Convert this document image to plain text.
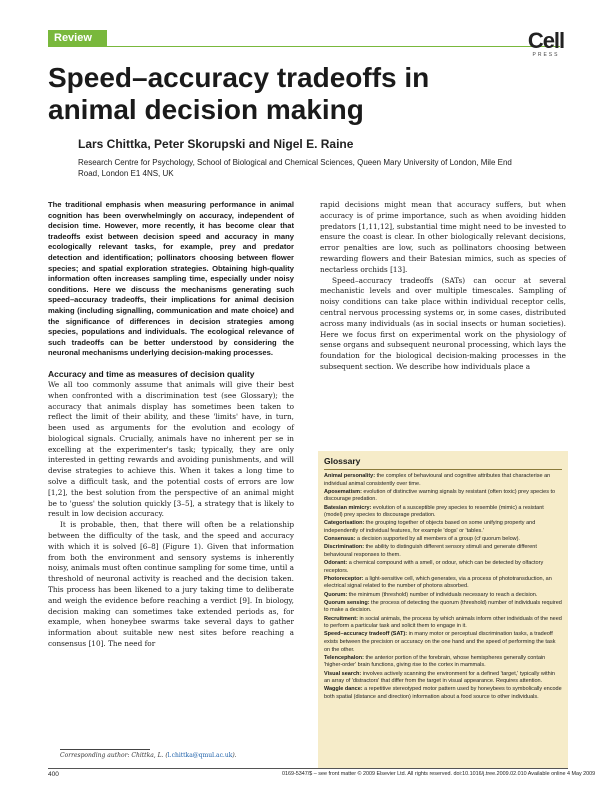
Review	Cell
PRESS
Speed–accuracy tradeoffs in animal decision making
Lars Chittka, Peter Skorupski and Nigel E. Raine
Research Centre for Psychology, School of Biological and Chemical Sciences, Queen Mary University of London, Mile End Road, London E1 4NS, UK
The traditional emphasis when measuring performance in animal cognition has been overwhelmingly on accuracy, independent of decision time. However, more recently, it has become clear that tradeoffs exist between decision speed and accuracy in many ecologically relevant tasks, for example, prey and predator detection and identification; pollinators choosing between flower species; and spatial exploration strategies. Obtaining high-quality information often increases sampling time, especially under noisy conditions. Here we discuss the mechanisms generating such speed–accuracy tradeoffs, their implications for animal decision making (including signalling, communication and mate choice) and the significance of differences in decision strategies among species, populations and individuals. The ecological relevance of such tradeoffs can be better understood by considering the neuronal mechanisms underlying decision-making processes.
Accuracy and time as measures of decision quality

We all too commonly assume that animals will give their best when confronted with a discrimination test (see Glossary); the accuracy that animals display has sometimes been taken to reflect the limit of their ability, and these 'limits' have, in turn, been used as arguments for the evolution and ecology of biological signals. Crucially, animals have no inherent per se in excelling at the experimenter's task; typically, they are only interested in getting rewards and avoiding punishments, and will devise strategies to achieve this. When it takes a long time to solve a difficult task, and the potential costs of errors are low [1,2], the best solution from the perspective of an animal might be to 'guess' the solution quickly [3–5], a strategy that is likely to result in low decision accuracy.

It is probable, then, that there will often be a relationship between the difficulty of the task, and the speed and accuracy with which it is solved [6–8] (Figure 1). Given that information from both the environment and sensory systems is inherently noisy, animals must often continue sampling for some time, until a threshold of neuronal activity is reached and the decision taken. This process has been likened to a jury taking time to deliberate and weigh the evidence before reaching a verdict [9]. In biology, decision making can sometimes take extended periods as, for example, when honeybee swarms take several days to gather information about suitable new nest sites before reaching a consensus [10]. The need for

rapid decisions might mean that accuracy suffers, but when accuracy is of prime importance, such as when avoiding hidden predators [1,11,12], substantial time might need to be invested to ensure the coast is clear. In other biologically relevant decisions, error penalties are low, such as pollinators choosing between rewarding flowers and their Batesian mimics, such as species of nectarless orchids [13].

Speed–accuracy tradeoffs (SATs) can occur at several mechanistic levels and over multiple timescales. Sampling of noisy conditions can take place within individual receptor cells, central nervous processing systems or, in some cases, distributed across many individuals (as in social insects or human societies). Here we focus first on experimental work on the physiology of sense organs and subsequent neuronal processing, which lays the foundation for the biological decision-making processes in the subsequent section. We describe how individuals place a

Glossary
Animal personality: the complex of behavioural and cognitive attributes that characterise an individual animal consistently over time.
Aposematism: evolution of distinctive warning signals by resistant (often toxic) prey species to discourage predation.
Batesian mimicry: evolution of a susceptible prey species to resemble (mimic) a resistant (model) prey species to discourage predation.
Categorisation: the grouping together of objects based on some unifying property and independently of individual features, for example 'dogs' or 'tables.'
Consensus: a decision supported by all members of a group (cf quorum below).
Discrimination: the ability to distinguish different sensory stimuli and generate different behavioural responses to them.
Odorant: a chemical compound with a smell, or odour, which can be detected by olfactory receptors.
Photoreceptor: a light-sensitive cell, which generates, via a process of phototransduction, an electrical signal related to the number of photons absorbed.
Quorum: the minimum (threshold) number of individuals necessary to reach a decision.
Quorum sensing: the process of detecting the quorum (threshold) number of individuals required to make a decision.
Recruitment: in social animals, the process by which animals inform other individuals of the need to perform a particular task and solicit them to engage in it.
Speed–accuracy tradeoff (SAT): in many motor or perceptual discrimination tasks, a tradeoff exists between the precision or accuracy on the one hand and the speed of performing the task on the other.
Telencephalon: the anterior portion of the forebrain, whose hemispheres generally contain 'higher-order' brain functions, giving rise to the cortex in mammals.
Visual search: involves actively scanning the environment for a defined 'target,' typically within an array of 'distractors' that differ from the target in visual appearance. Requires attention.
Waggle dance: a repetitive stereotyped motor pattern used by honeybees to symbolically encode both spatial (distance and direction) information about a food source to other individuals.
Corresponding author: Chittka, L. (l.chittka@qmul.ac.uk).
400	0169-5347/$ – see front matter © 2009 Elsevier Ltd. All rights reserved. doi:10.1016/j.tree.2009.02.010 Available online 4 May 2009
